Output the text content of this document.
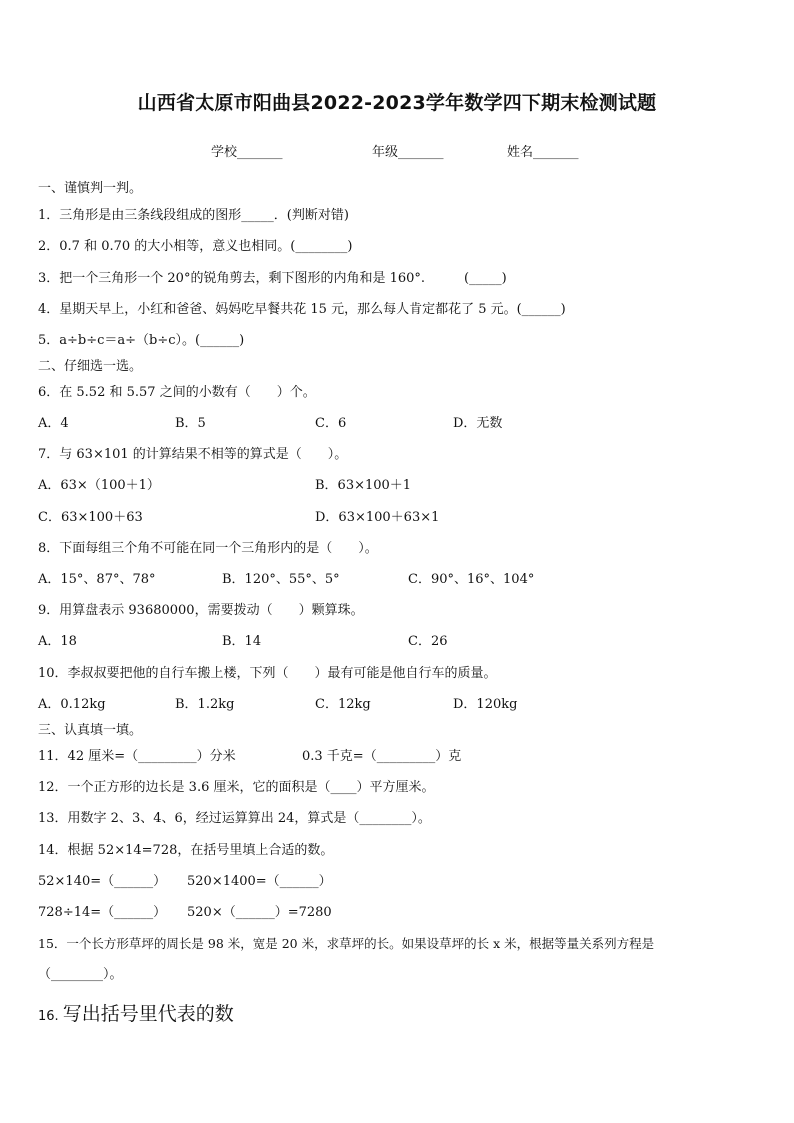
山西省太原市阳曲县2022-2023学年数学四下期末检测试题
学校_______	年级_______	姓名_______
一、谨慎判一判。
1．三角形是由三条线段组成的图形_____．(判断对错)
2．0.7 和 0.70 的大小相等，意义也相同。(________)
3．把一个三角形一个 20°的锐角剪去，剩下图形的内角和是 160°.　　　(_____)
4．星期天早上，小红和爸爸、妈妈吃早餐共花 15 元，那么每人肯定都花了 5 元。(______)
5．a÷b÷c＝a÷（b÷c）。(______)
二、仔细选一选。
6．在 5.52 和 5.57 之间的小数有（　　）个。
A．4	B．5	C．6	D．无数
7．与 63×101 的计算结果不相等的算式是（　　）。
A．63×（100＋1）	B．63×100＋1
C．63×100＋63	D．63×100＋63×1
8．下面每组三个角不可能在同一个三角形内的是（　　）。
A．15°、87°、78°	B．120°、55°、5°	C．90°、16°、104°
9．用算盘表示 93680000，需要拨动（　　）颗算珠。
A．18	B．14	C．26
10．李叔叔要把他的自行车搬上楼，下列（　　）最有可能是他自行车的质量。
A．0.12kg	B．1.2kg	C．12kg	D．120kg
三、认真填一填。
11．42 厘米=（_________）分米	0.3 千克=（_________）克
12．一个正方形的边长是 3.6 厘米，它的面积是（____）平方厘米。
13．用数字 2、3、4、6，经过运算算出 24，算式是（________）。
14．根据 52×14=728，在括号里填上合适的数。
52×140=（______） 520×1400=（______）
728÷14=（______） 520×（______）=7280
15．一个长方形草坪的周长是 98 米，宽是 20 米，求草坪的长。如果设草坪的长 x 米，根据等量关系列方程是
（________）。
16. 写出括号里代表的数
